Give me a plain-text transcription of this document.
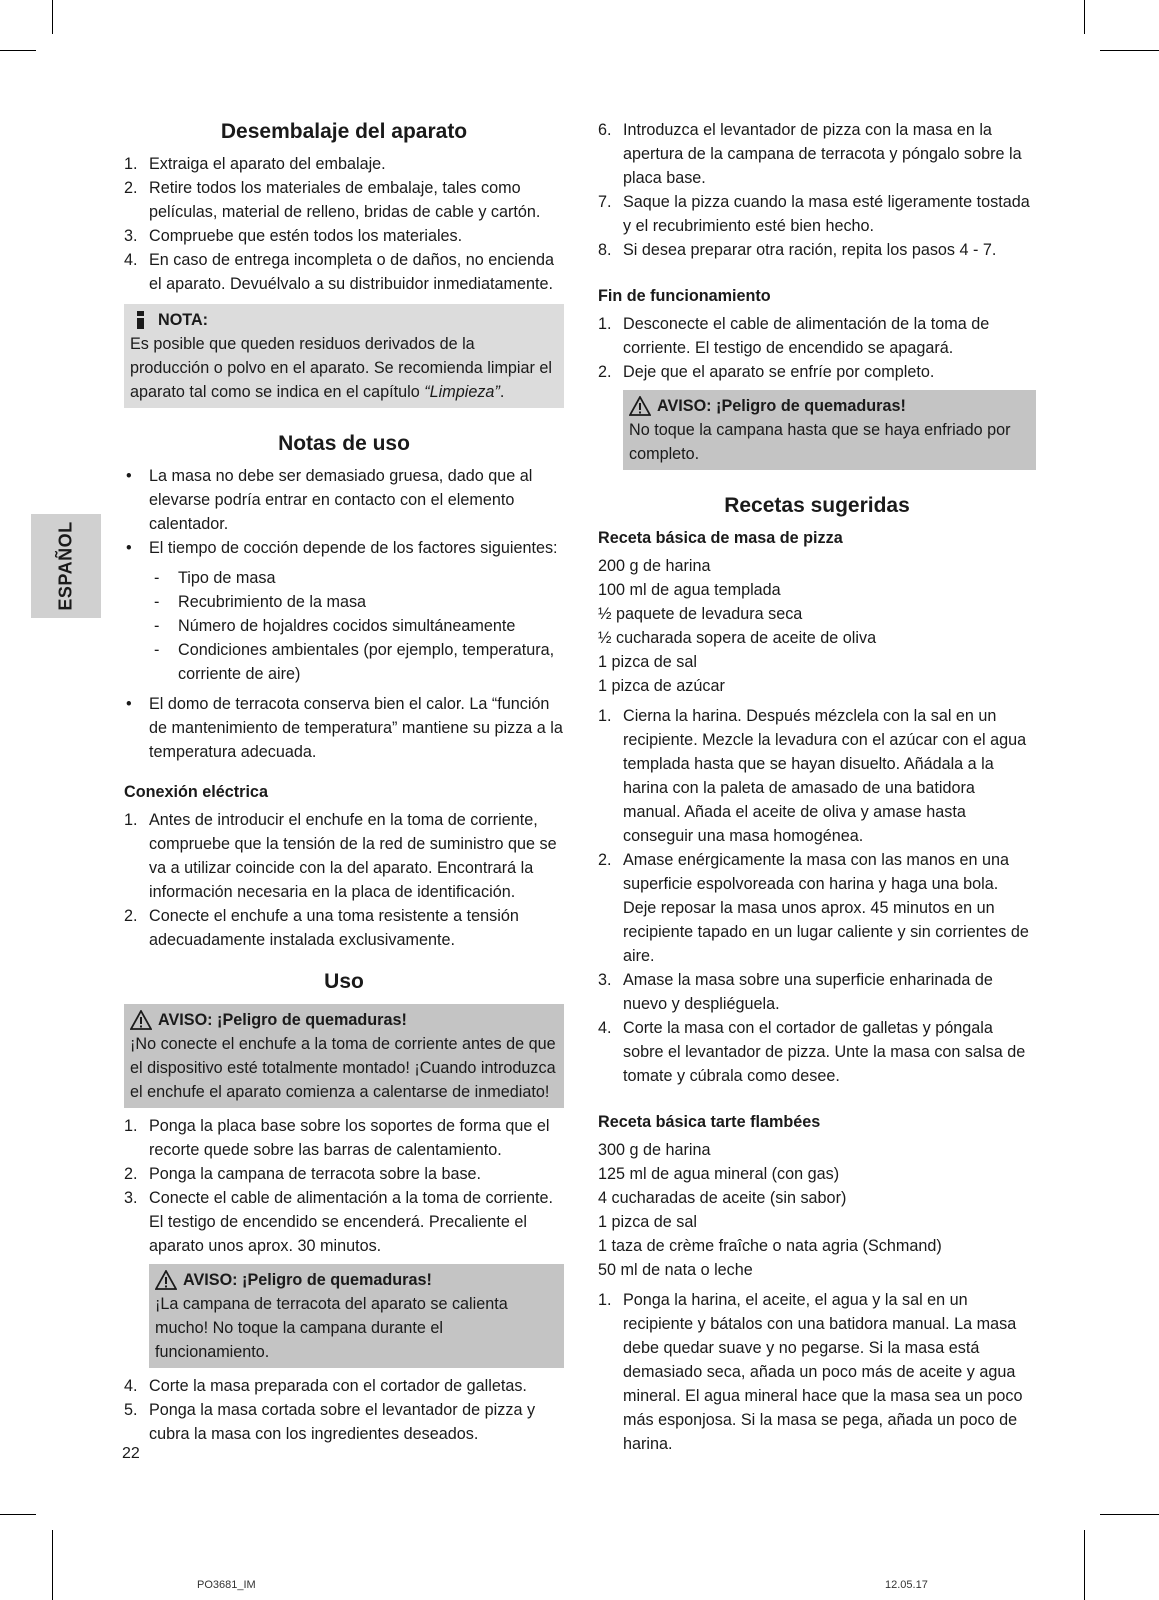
ESPAÑOL
Desembalaje del aparato
1. Extraiga el aparato del embalaje.
2. Retire todos los materiales de embalaje, tales como películas, material de relleno, bridas de cable y cartón.
3. Compruebe que estén todos los materiales.
4. En caso de entrega incompleta o de daños, no encienda el aparato. Devuélvalo a su distribuidor inmediatamente.
NOTA:

Es posible que queden residuos derivados de la producción o polvo en el aparato. Se recomienda limpiar el aparato tal como se indica en el capítulo “Limpieza”.

Notas de uso
• La masa no debe ser demasiado gruesa, dado que al elevarse podría entrar en contacto con el elemento calentador.
• El tiempo de cocción depende de los factores siguientes:
- Tipo de masa
- Recubrimiento de la masa
- Número de hojaldres cocidos simultáneamente
- Condiciones ambientales (por ejemplo, temperatura, corriente de aire)
• El domo de terracota conserva bien el calor. La “función de mantenimiento de temperatura” mantiene su pizza a la temperatura adecuada.
Conexión eléctrica
1. Antes de introducir el enchufe en la toma de corriente, compruebe que la tensión de la red de suministro que se va a utilizar coincide con la del aparato. Encontrará la información necesaria en la placa de identificación.
2. Conecte el enchufe a una toma resistente a tensión adecuadamente instalada exclusivamente.
Uso
AVISO: ¡Peligro de quemaduras!

¡No conecte el enchufe a la toma de corriente antes de que el dispositivo esté totalmente montado! ¡Cuando introduzca el enchufe el aparato comienza a calentarse de inmediato!

1. Ponga la placa base sobre los soportes de forma que el recorte quede sobre las barras de calentamiento.
2. Ponga la campana de terracota sobre la base.
3. Conecte el cable de alimentación a la toma de corriente. El testigo de encendido se encenderá. Precaliente el aparato unos aprox. 30 minutos.
AVISO: ¡Peligro de quemaduras!

¡La campana de terracota del aparato se calienta mucho! No toque la campana durante el funcionamiento.

4. Corte la masa preparada con el cortador de galletas.
5. Ponga la masa cortada sobre el levantador de pizza y cubra la masa con los ingredientes deseados.
6. Introduzca el levantador de pizza con la masa en la apertura de la campana de terracota y póngalo sobre la placa base.
7. Saque la pizza cuando la masa esté ligeramente tostada y el recubrimiento esté bien hecho.
8. Si desea preparar otra ración, repita los pasos 4 - 7.
Fin de funcionamiento
1. Desconecte el cable de alimentación de la toma de corriente. El testigo de encendido se apagará.
2. Deje que el aparato se enfríe por completo.
AVISO: ¡Peligro de quemaduras!

No toque la campana hasta que se haya enfriado por completo.

Recetas sugeridas
Receta básica de masa de pizza
200 g de harina
100 ml de agua templada
½ paquete de levadura seca
½ cucharada sopera de aceite de oliva
1 pizca de sal
1 pizca de azúcar
1. Cierna la harina. Después mézclela con la sal en un recipiente. Mezcle la levadura con el azúcar con el agua templada hasta que se hayan disuelto. Añádala a la harina con la paleta de amasado de una batidora manual. Añada el aceite de oliva y amase hasta conseguir una masa homogénea.
2. Amase enérgicamente la masa con las manos en una superficie espolvoreada con harina y haga una bola. Deje reposar la masa unos aprox. 45 minutos en un recipiente tapado en un lugar caliente y sin corrientes de aire.
3. Amase la masa sobre una superficie enharinada de nuevo y despliéguela.
4. Corte la masa con el cortador de galletas y póngala sobre el levantador de pizza. Unte la masa con salsa de tomate y cúbrala como desee.
Receta básica tarte flambées
300 g de harina
125 ml de agua mineral (con gas)
4 cucharadas de aceite (sin sabor)
1 pizca de sal
1 taza de crème fraîche o nata agria (Schmand)
50 ml de nata o leche
1. Ponga la harina, el aceite, el agua y la sal en un recipiente y bátalos con una batidora manual. La masa debe quedar suave y no pegarse. Si la masa está demasiado seca, añada un poco más de aceite y agua mineral. El agua mineral hace que la masa sea un poco más esponjosa. Si la masa se pega, añada un poco de harina.
22
PO3681_IM	12.05.17
